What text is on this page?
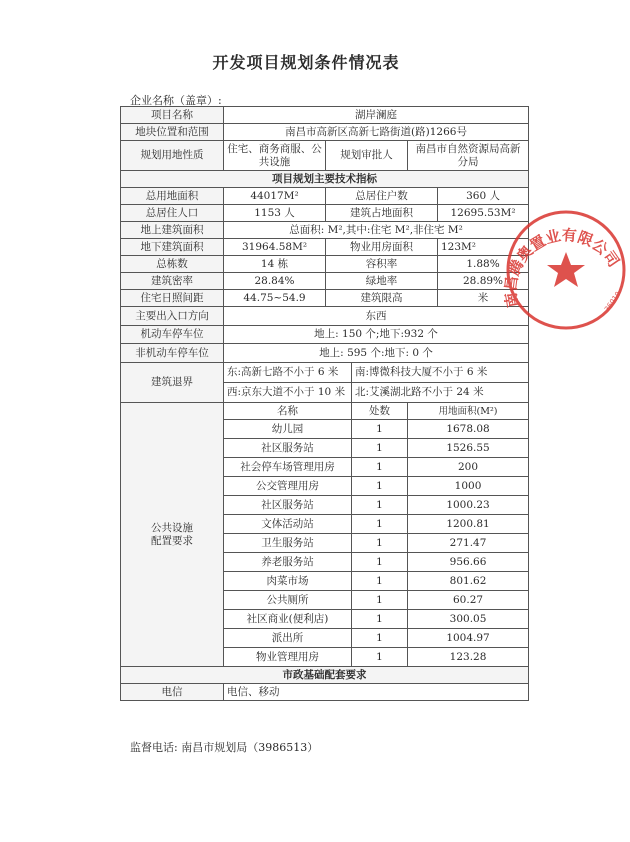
开发项目规划条件情况表
企业名称（盖章）:
项目名称	湖岸澜庭					
地块位置和范围	南昌市高新区高新七路街道(路)1266号					
规划用地性质	住宅、商务商服、公共设施	规划审批人		南昌市自然资源局高新分局		
项目规划主要技术指标						
总用地面积	44017M²	总居住户数			360 人	
总居住人口	1153 人	建筑占地面积			12695.53M²	
地上建筑面积	总面积: M²,其中:住宅 M²,非住宅 M²					
地下建筑面积	31964.58M²	物业用房面积			123M²	
总栋数	14 栋	容积率			1.88%	
建筑密率	28.84%	绿地率			28.89%	
住宅日照间距	44.75~54.9	建筑限高			米	
主要出入口方向	东西					
机动车停车位	地上: 150 个;地下:932 个					
非机动车停车位	地上: 595 个:地下: 0 个					
建筑退界	东:高新七路不小于 6 米		南:博微科技大厦不小于 6 米			
	西:京东大道不小于 10 米		北:艾溪湖北路不小于 24 米			
公共设施
配置要求	名称		处数	用地面积(M²)	
	幼儿园		1	1678.08	
	社区服务站		1	1526.55	
	社会停车场管理用房		1	200	
	公交管理用房		1	1000	
	社区服务站		1	1000.23	
	文体活动站		1	1200.81	
	卫生服务站		1	271.47	
	养老服务站		1	956.66	
	肉菜市场		1	801.62	
	公共厕所		1	60.27	
	社区商业(便利店)		1	300.05	
	派出所		1	1004.97	
	物业管理用房		1	123.28	
市政基础配套要求						
电信	电信、移动					
监督电话: 南昌市规划局（3986513）
南昌腾奥置业有限公司
36010
